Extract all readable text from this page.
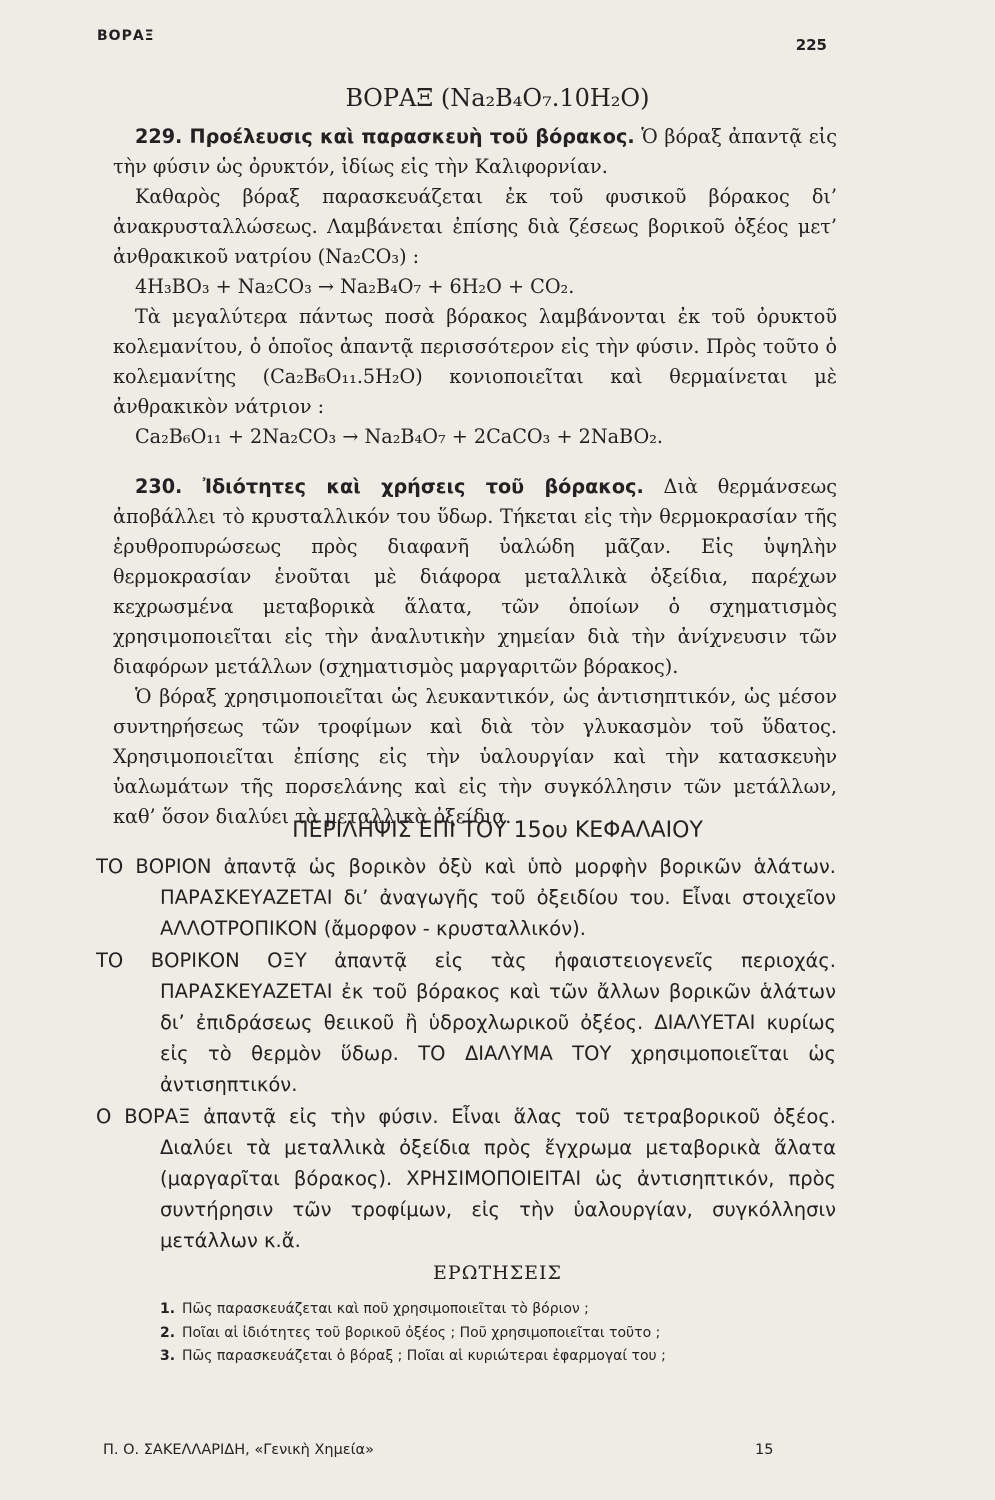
ΒΟΡΑΞ	225
ΒΟΡΑΞ (Na₂B₄O₇.10H₂O)

229. Προέλευσις καὶ παρασκευὴ τοῦ βόρακος. Ὁ βόραξ ἀπαντᾷ εἰς τὴν φύσιν ὡς ὀρυκτόν, ἰδίως εἰς τὴν Καλιφορνίαν.

Καθαρὸς βόραξ παρασκευάζεται ἐκ τοῦ φυσικοῦ βόρακος δι’ ἀνακρυσταλλώσεως. Λαμβάνεται ἐπίσης διὰ ζέσεως βορικοῦ ὀξέος μετ’ ἀνθρακικοῦ νατρίου (Na₂CO₃) :

4H₃BO₃ + Na₂CO₃ → Na₂B₄O₇ + 6H₂O + CO₂.

Τὰ μεγαλύτερα πάντως ποσὰ βόρακος λαμβάνονται ἐκ τοῦ ὀρυκτοῦ κολεμανίτου, ὁ ὁποῖος ἀπαντᾷ περισσότερον εἰς τὴν φύσιν. Πρὸς τοῦτο ὁ κολεμανίτης (Ca₂B₆O₁₁.5H₂O) κονιοποιεῖται καὶ θερμαίνεται μὲ ἀνθρακικὸν νάτριον :

Ca₂B₆O₁₁ + 2Na₂CO₃ → Na₂B₄O₇ + 2CaCO₃ + 2NaBO₂.

230. Ἰδιότητες καὶ χρήσεις τοῦ βόρακος. Διὰ θερμάνσεως ἀποβάλλει τὸ κρυσταλλικόν του ὕδωρ. Τήκεται εἰς τὴν θερμοκρασίαν τῆς ἐρυθροπυρώσεως πρὸς διαφανῆ ὑαλώδη μᾶζαν. Εἰς ὑψηλὴν θερμοκρασίαν ἑνοῦται μὲ διάφορα μεταλλικὰ ὀξείδια, παρέχων κεχρωσμένα μεταβορικὰ ἅλατα, τῶν ὁποίων ὁ σχηματισμὸς χρησιμοποιεῖται εἰς τὴν ἀναλυτικὴν χημείαν διὰ τὴν ἀνίχνευσιν τῶν διαφόρων μετάλλων (σχηματισμὸς μαργαριτῶν βόρακος).

Ὁ βόραξ χρησιμοποιεῖται ὡς λευκαντικόν, ὡς ἀντισηπτικόν, ὡς μέσον συντηρήσεως τῶν τροφίμων καὶ διὰ τὸν γλυκασμὸν τοῦ ὕδατος. Χρησιμοποιεῖται ἐπίσης εἰς τὴν ὑαλουργίαν καὶ τὴν κατασκευὴν ὑαλωμάτων τῆς πορσελάνης καὶ εἰς τὴν συγκόλλησιν τῶν μετάλλων, καθ’ ὅσον διαλύει τὰ μεταλλικὰ ὀξείδια.

ΠΕΡΙΛΗΨΙΣ ΕΠΙ ΤΟΥ 15ου ΚΕΦΑΛΑΙΟΥ

ΤΟ ΒΟΡΙΟΝ ἀπαντᾷ ὡς βορικὸν ὀξὺ καὶ ὑπὸ μορφὴν βορικῶν ἁλάτων. ΠΑΡΑΣΚΕΥΑΖΕΤΑΙ δι’ ἀναγωγῆς τοῦ ὀξειδίου του. Εἶναι στοιχεῖον ΑΛΛΟΤΡΟΠΙΚΟΝ (ἄμορφον - κρυσταλλικόν).

ΤΟ ΒΟΡΙΚΟΝ ΟΞΥ ἀπαντᾷ εἰς τὰς ἡφαιστειογενεῖς περιοχάς. ΠΑΡΑΣΚΕΥΑΖΕΤΑΙ ἐκ τοῦ βόρακος καὶ τῶν ἄλλων βορικῶν ἁλάτων δι’ ἐπιδράσεως θειικοῦ ἢ ὑδροχλωρικοῦ ὀξέος. ΔΙΑΛΥΕΤΑΙ κυρίως εἰς τὸ θερμὸν ὕδωρ. ΤΟ ΔΙΑΛΥΜΑ ΤΟΥ χρησιμοποιεῖται ὡς ἀντισηπτικόν.

Ο ΒΟΡΑΞ ἀπαντᾷ εἰς τὴν φύσιν. Εἶναι ἅλας τοῦ τετραβορικοῦ ὀξέος. Διαλύει τὰ μεταλλικὰ ὀξείδια πρὸς ἔγχρωμα μεταβορικὰ ἅλατα (μαργαρῖται βόρακος). ΧΡΗΣΙΜΟΠΟΙΕΙΤΑΙ ὡς ἀντισηπτικόν, πρὸς συντήρησιν τῶν τροφίμων, εἰς τὴν ὑαλουργίαν, συγκόλλησιν μετάλλων κ.ἄ.

ΕΡΩΤΗΣΕΙΣ
1. Πῶς παρασκευάζεται καὶ ποῦ χρησιμοποιεῖται τὸ βόριον ;
2. Ποῖαι αἱ ἰδιότητες τοῦ βορικοῦ ὀξέος ; Ποῦ χρησιμοποιεῖται τοῦτο ;
3. Πῶς παρασκευάζεται ὁ βόραξ ; Ποῖαι αἱ κυριώτεραι ἐφαρμογαί του ;
Π. Ο. ΣΑΚΕΛΛΑΡΙΔΗ, «Γενικὴ Χημεία»	15
